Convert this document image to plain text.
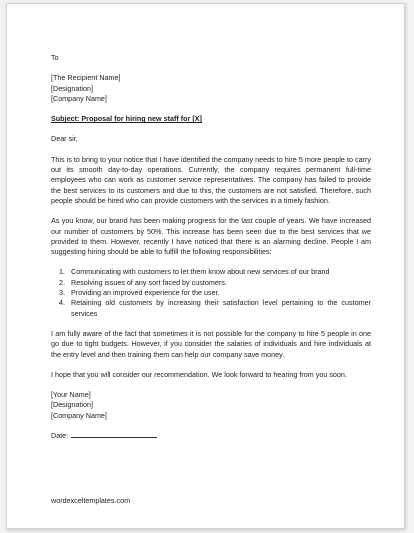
To
[The Recipient Name]
[Designation]
[Company Name]
Subject: Proposal for hiring new staff for [X]
Dear sir,

This is to bring to your notice that I have identified the company needs to hire 5 more people to carry out its smooth day-to-day operations. Currently, the company requires permanent full-time employees who can work as customer service representatives. The company has failed to provide the best services to its customers and due to this, the customers are not satisfied. Therefore, such people should be hired who can provide customers with the services in a timely fashion.

As you know, our brand has been making progress for the last couple of years. We have increased our number of customers by 50%. This increase has been seen due to the best services that we provided to them. However, recently I have noticed that there is an alarming decline. People I am suggesting hiring should be able to fulfill the following responsibilities:

1. Communicating with customers to let them know about new services of our brand
2. Resolving issues of any sort faced by customers.
3. Providing an improved experience for the user.
4. Retaining old customers by increasing their satisfaction level pertaining to the customer services

I am fully aware of the fact that sometimes it is not possible for the company to hire 5 people in one go due to tight budgets. However, if you consider the salaries of individuals and hire individuals at the entry level and then training them can help our company save money.

I hope that you will consider our recommendation. We look forward to hearing from you soon.

[Your Name]
[Designation]
[Company Name]
Date:
wordexceltemplates.com
